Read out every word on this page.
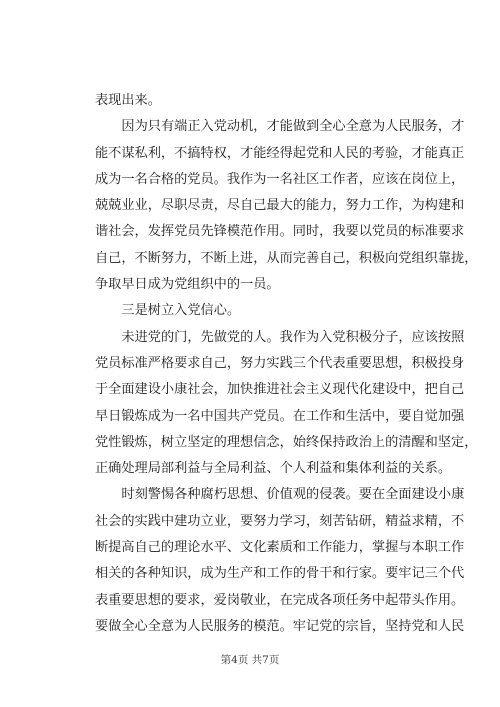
表现出来。
因为只有端正入党动机，才能做到全心全意为人民服务，才
能不谋私利，不搞特权，才能经得起党和人民的考验，才能真正
成为一名合格的党员。我作为一名社区工作者，应该在岗位上，
兢兢业业，尽职尽责，尽自己最大的能力，努力工作，为构建和
谐社会，发挥党员先锋模范作用。同时，我要以党员的标准要求
自己，不断努力，不断上进，从而完善自己，积极向党组织靠拢，
争取早日成为党组织中的一员。
三是树立入党信心。
未进党的门，先做党的人。我作为入党积极分子，应该按照
党员标准严格要求自己，努力实践三个代表重要思想，积极投身
于全面建设小康社会，加快推进社会主义现代化建设中，把自己
早日锻炼成为一名中国共产党员。在工作和生活中，要自觉加强
党性锻炼，树立坚定的理想信念，始终保持政治上的清醒和坚定，
正确处理局部利益与全局利益、个人利益和集体利益的关系。
时刻警惕各种腐朽思想、价值观的侵袭。要在全面建设小康
社会的实践中建功立业，要努力学习，刻苦钻研，精益求精，不
断提高自己的理论水平、文化素质和工作能力，掌握与本职工作
相关的各种知识，成为生产和工作的骨干和行家。要牢记三个代
表重要思想的要求，爱岗敬业，在完成各项任务中起带头作用。
要做全心全意为人民服务的模范。牢记党的宗旨，坚持党和人民
第4页 共7页
